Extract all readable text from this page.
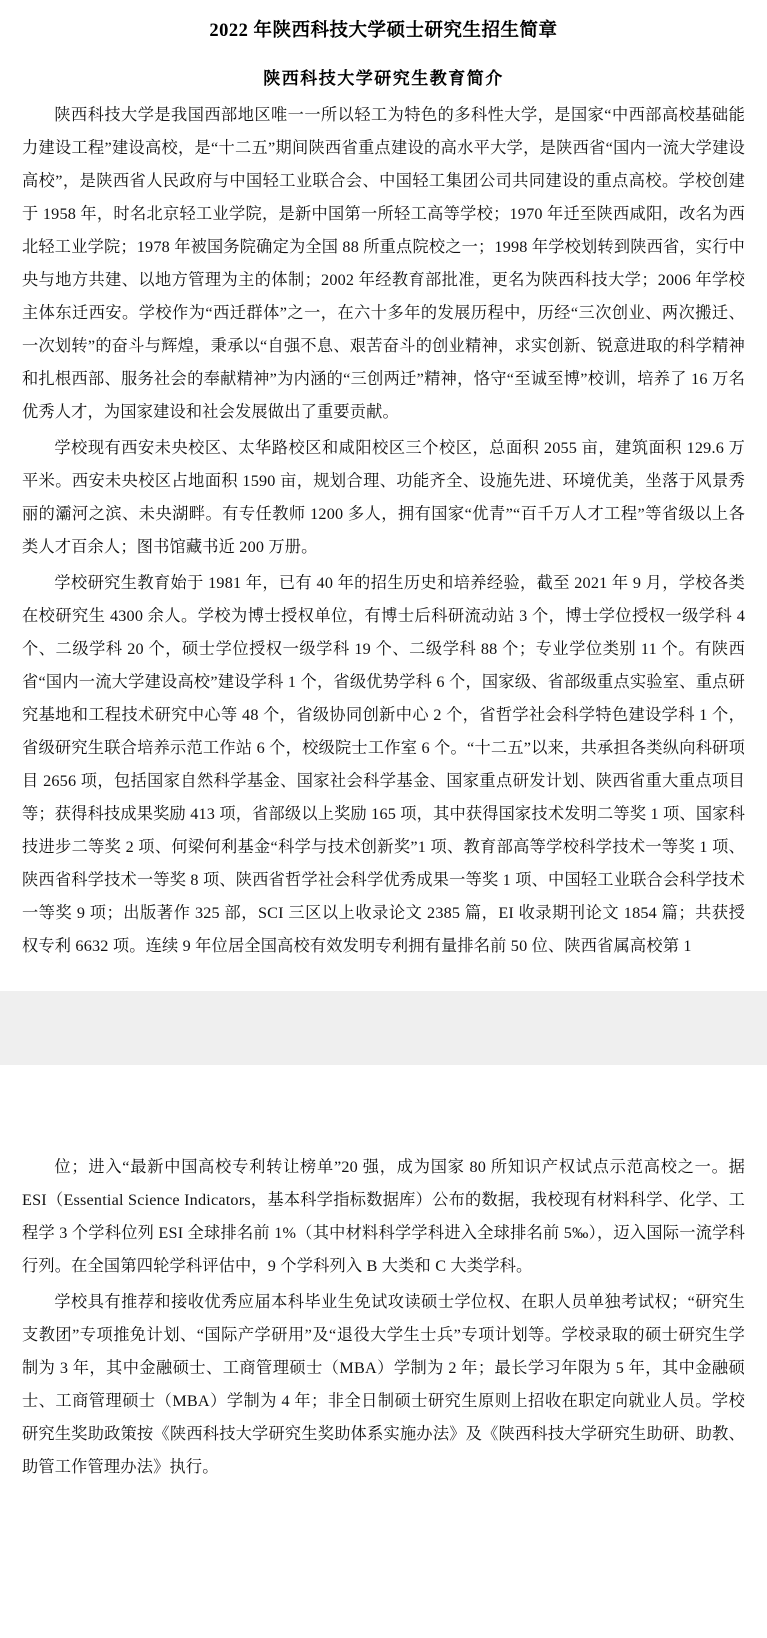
2022 年陕西科技大学硕士研究生招生简章
陕西科技大学研究生教育简介

陕西科技大学是我国西部地区唯一一所以轻工为特色的多科性大学，是国家“中西部高校基础能力建设工程”建设高校，是“十二五”期间陕西省重点建设的高水平大学，是陕西省“国内一流大学建设高校”，是陕西省人民政府与中国轻工业联合会、中国轻工集团公司共同建设的重点高校。学校创建于 1958 年，时名北京轻工业学院，是新中国第一所轻工高等学校；1970 年迁至陕西咸阳，改名为西北轻工业学院；1978 年被国务院确定为全国 88 所重点院校之一；1998 年学校划转到陕西省，实行中央与地方共建、以地方管理为主的体制；2002 年经教育部批准，更名为陕西科技大学；2006 年学校主体东迁西安。学校作为“西迁群体”之一，在六十多年的发展历程中，历经“三次创业、两次搬迁、一次划转”的奋斗与辉煌，秉承以“自强不息、艰苦奋斗的创业精神，求实创新、锐意进取的科学精神和扎根西部、服务社会的奉献精神”为内涵的“三创两迁”精神，恪守“至诚至博”校训，培养了 16 万名优秀人才，为国家建设和社会发展做出了重要贡献。

学校现有西安未央校区、太华路校区和咸阳校区三个校区，总面积 2055 亩，建筑面积 129.6 万平米。西安未央校区占地面积 1590 亩，规划合理、功能齐全、设施先进、环境优美，坐落于风景秀丽的灞河之滨、未央湖畔。有专任教师 1200 多人，拥有国家“优青”“百千万人才工程”等省级以上各类人才百余人；图书馆藏书近 200 万册。

学校研究生教育始于 1981 年，已有 40 年的招生历史和培养经验，截至 2021 年 9 月，学校各类在校研究生 4300 余人。学校为博士授权单位，有博士后科研流动站 3 个，博士学位授权一级学科 4 个、二级学科 20 个，硕士学位授权一级学科 19 个、二级学科 88 个；专业学位类别 11 个。有陕西省“国内一流大学建设高校”建设学科 1 个，省级优势学科 6 个，国家级、省部级重点实验室、重点研究基地和工程技术研究中心等 48 个，省级协同创新中心 2 个，省哲学社会科学特色建设学科 1 个，省级研究生联合培养示范工作站 6 个，校级院士工作室 6 个。“十二五”以来，共承担各类纵向科研项目 2656 项，包括国家自然科学基金、国家社会科学基金、国家重点研发计划、陕西省重大重点项目等；获得科技成果奖励 413 项，省部级以上奖励 165 项，其中获得国家技术发明二等奖 1 项、国家科技进步二等奖 2 项、何梁何利基金“科学与技术创新奖”1 项、教育部高等学校科学技术一等奖 1 项、陕西省科学技术一等奖 8 项、陕西省哲学社会科学优秀成果一等奖 1 项、中国轻工业联合会科学技术一等奖 9 项；出版著作 325 部，SCI 三区以上收录论文 2385 篇，EI 收录期刊论文 1854 篇；共获授权专利 6632 项。连续 9 年位居全国高校有效发明专利拥有量排名前 50 位、陕西省属高校第 1

位；进入“最新中国高校专利转让榜单”20 强，成为国家 80 所知识产权试点示范高校之一。据 ESI（Essential Science Indicators，基本科学指标数据库）公布的数据，我校现有材料科学、化学、工程学 3 个学科位列 ESI 全球排名前 1%（其中材料科学学科进入全球排名前 5‰），迈入国际一流学科行列。在全国第四轮学科评估中，9 个学科列入 B 大类和 C 大类学科。

学校具有推荐和接收优秀应届本科毕业生免试攻读硕士学位权、在职人员单独考试权；“研究生支教团”专项推免计划、“国际产学研用”及“退役大学生士兵”专项计划等。学校录取的硕士研究生学制为 3 年，其中金融硕士、工商管理硕士（MBA）学制为 2 年；最长学习年限为 5 年，其中金融硕士、工商管理硕士（MBA）学制为 4 年；非全日制硕士研究生原则上招收在职定向就业人员。学校研究生奖助政策按《陕西科技大学研究生奖助体系实施办法》及《陕西科技大学研究生助研、助教、助管工作管理办法》执行。
